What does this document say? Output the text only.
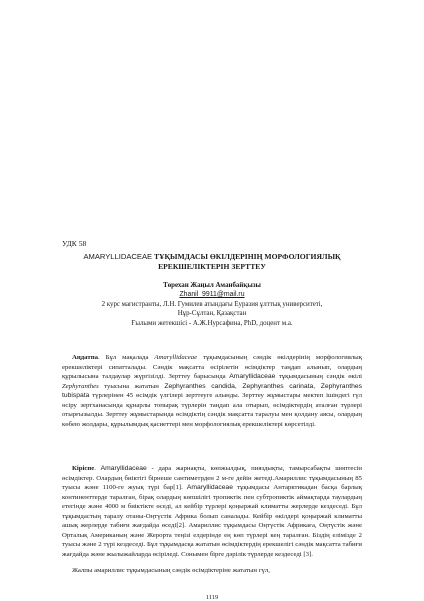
УДК 58
AMARYLLIDACEAE ТҰҚЫМДАСЫ ӨКІЛДЕРІНІҢ МОРФОЛОГИЯЛЫҚ ЕРЕКШЕЛІКТЕРІН ЗЕРТТЕУ
Төрехан Жаңыл Аманбайқызы
Zhanil_9911@mail.ru
2 курс магистранты, Л.Н. Гумилев атындағы Еуразия ұлттық университеті,
Нұр-Сұлтан, Қазақстан
Ғылыми жетекшісі - А.Ж.Нурсафина, PhD, доцент м.а.

Аңдатпа. Бұл мақалада Amaryllidaceae тұқымдасының сәндік өкілдерінің морфологиялық ерекшеліктері сипатталады. Сәндік мақсатта өсірілетін өсімдіктер таңдап алынып, олардың құрылысына талдаулар жүргізілді. Зерттеу барысында Amaryllidaceae тұқымдасының сәндік өкілі Zephyranthes туысына жататын Zephyranthes candida, Zephyranthes carinata, Zephyranthes tubispata түрлерінен 45 өсімдік үлгілері зерттеуге алынды. Зерттеу жұмыстары мектеп ішіндегі гүл өсіру зертханасында құнарлы топырақ түрлерін таңдап ала отырып, өсімдіктердің аталған түрлері отырғызылды. Зерттеу жұмыстарында өсімдіктің сәндік мақсатта таралуы мен қолдану аясы, олардың көбею жолдары, құрылымдық қасиеттері мен морфологиялық ерекшеліктері көрсетілді.

Кіріспе. Amaryllidaceae - дара жарнақты, көпжылдық, пияздықты, тамырсабақты шөптесін өсімдіктер. Олардың биіктігі бірнеше сантиметрден 2 м-ге дейін жетеді.Амариллис тұқымдасының 85 туысы және 1100-ге жуық түрі бар[1]. Amaryllidaceae тұқымдасы Антарктикадан басқа барлық континенттерде таралған, бірақ олардың көпшілігі тропиктік пен субтропиктік аймақтарда таулардың етегінде және 4000 м биіктікте өседі, ал кейбір түрлері қоңыржай климатты жерлерде кездеседі. Бұл тұқымдастың таралу отаны-Оңтүстік Африка болып саналады. Кейбір өкілдері қоңыржай климатты ашық жерлерде табиғи жағдайда өседі[2]. Амариллис тұқымдасы Оңтүстік Африкаға, Оңтүстік және Орталық Американың және Жерорта теңізі елдерінде ең көп түрлері кең таралған. Біздің елімізде 2 туысы және 2 түрі кездеседі. Бұл тұқымдасқа жататын өсімдіктердің ерекшелігі сәндік мақсатта табиғи жағдайда және жылыжайларда өсіріледі. Сонымен бірге дәрілік түрлерде кездеседі [3].

Жалпы амариллис тұқымдасының сәндік өсімдіктеріне жататын гүл,

1119
